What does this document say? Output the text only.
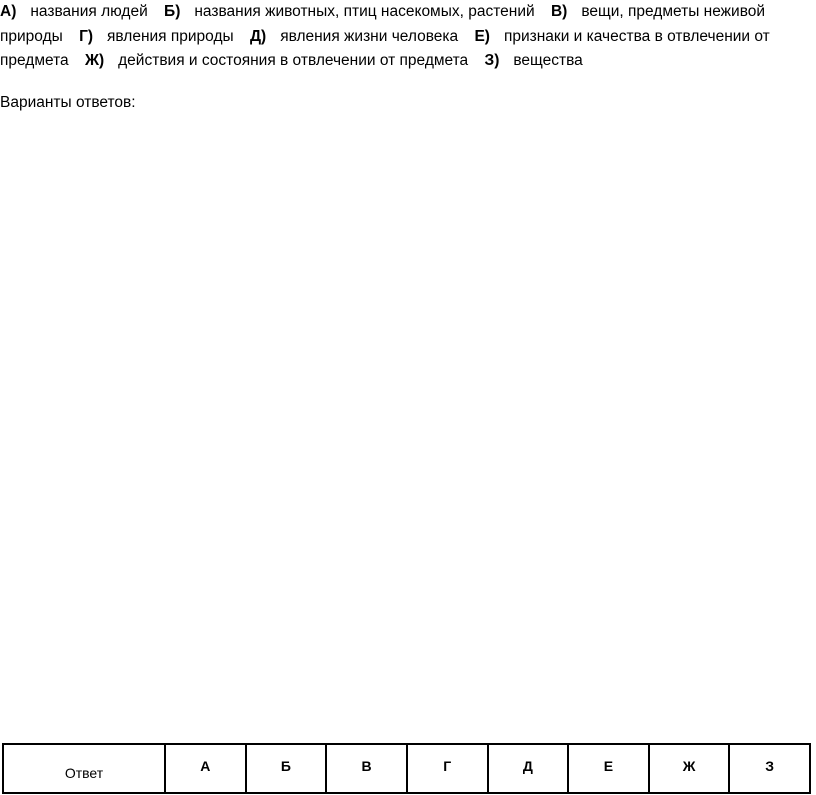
А) названия людей Б) названия животных, птиц насекомых, растений В) вещи, предметы неживой природы Г) явления природы Д) явления жизни человека Е) признаки и качества в отвлечении от предмета Ж) действия и состояния в отвлечении от предмета З) вещества
Варианты ответов:
Ответ	А	Б	В	Г	Д	Е	Ж	З
